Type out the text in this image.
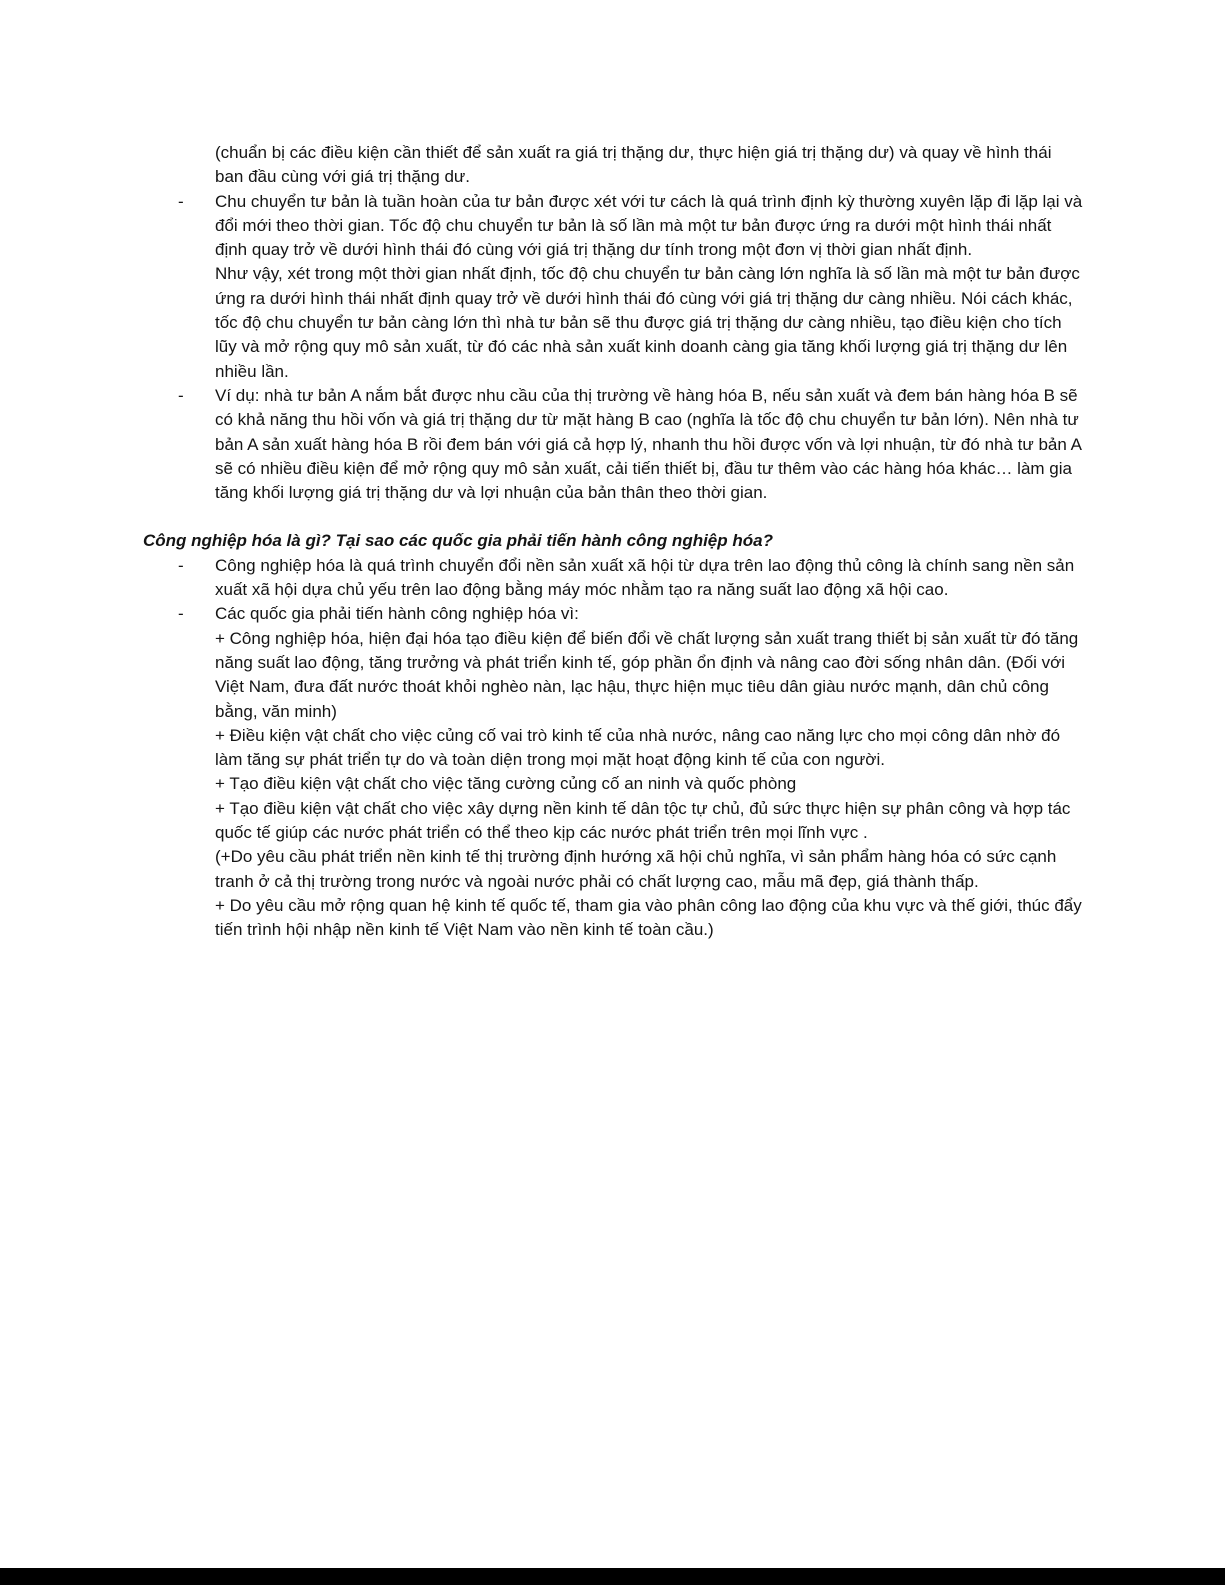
(chuẩn bị các điều kiện cần thiết để sản xuất ra giá trị thặng dư, thực hiện giá trị thặng dư) và quay về hình thái ban đầu cùng với giá trị thặng dư.

- Chu chuyển tư bản là tuần hoàn của tư bản được xét với tư cách là quá trình định kỳ thường xuyên lặp đi lặp lại và đổi mới theo thời gian. Tốc độ chu chuyển tư bản là số lần mà một tư bản được ứng ra dưới một hình thái nhất định quay trở về dưới hình thái đó cùng với giá trị thặng dư tính trong một đơn vị thời gian nhất định.

Như vậy, xét trong một thời gian nhất định, tốc độ chu chuyển tư bản càng lớn nghĩa là số lần mà một tư bản được ứng ra dưới hình thái nhất định quay trở về dưới hình thái đó cùng với giá trị thặng dư càng nhiều. Nói cách khác, tốc độ chu chuyển tư bản càng lớn thì nhà tư bản sẽ thu được giá trị thặng dư càng nhiều, tạo điều kiện cho tích lũy và mở rộng quy mô sản xuất, từ đó các nhà sản xuất kinh doanh càng gia tăng khối lượng giá trị thặng dư lên nhiều lần.

- Ví dụ: nhà tư bản A nắm bắt được nhu cầu của thị trường về hàng hóa B, nếu sản xuất và đem bán hàng hóa B sẽ có khả năng thu hồi vốn và giá trị thặng dư từ mặt hàng B cao (nghĩa là tốc độ chu chuyển tư bản lớn). Nên nhà tư bản A sản xuất hàng hóa B rồi đem bán với giá cả hợp lý, nhanh thu hồi được vốn và lợi nhuận, từ đó nhà tư bản A sẽ có nhiều điều kiện để mở rộng quy mô sản xuất, cải tiến thiết bị, đầu tư thêm vào các hàng hóa khác… làm gia tăng khối lượng giá trị thặng dư và lợi nhuận của bản thân theo thời gian.

Công nghiệp hóa là gì? Tại sao các quốc gia phải tiến hành công nghiệp hóa?

- Công nghiệp hóa là quá trình chuyển đổi nền sản xuất xã hội từ dựa trên lao động thủ công là chính sang nền sản xuất xã hội dựa chủ yếu trên lao động bằng máy móc nhằm tạo ra năng suất lao động xã hội cao.

- Các quốc gia phải tiến hành công nghiệp hóa vì:

+ Công nghiệp hóa, hiện đại hóa tạo điều kiện để biến đổi về chất lượng sản xuất trang thiết bị sản xuất từ đó tăng năng suất lao động, tăng trưởng và phát triển kinh tế, góp phần ổn định và nâng cao đời sống nhân dân. (Đối với Việt Nam, đưa đất nước thoát khỏi nghèo nàn, lạc hậu, thực hiện mục tiêu dân giàu nước mạnh, dân chủ công bằng, văn minh)

+ Điều kiện vật chất cho việc củng cố vai trò kinh tế của nhà nước, nâng cao năng lực cho mọi công dân nhờ đó làm tăng sự phát triển tự do và toàn diện trong mọi mặt hoạt động kinh tế của con người.

+ Tạo điều kiện vật chất cho việc tăng cường củng cố an ninh và quốc phòng

+ Tạo điều kiện vật chất cho việc xây dựng nền kinh tế dân tộc tự chủ, đủ sức thực hiện sự phân công và hợp tác quốc tế giúp các nước phát triển có thể theo kịp các nước phát triển trên mọi lĩnh vực .

(+Do yêu cầu phát triển nền kinh tế thị trường định hướng xã hội chủ nghĩa, vì sản phẩm hàng hóa có sức cạnh tranh ở cả thị trường trong nước và ngoài nước phải có chất lượng cao, mẫu mã đẹp, giá thành thấp.

+ Do yêu cầu mở rộng quan hệ kinh tế quốc tế, tham gia vào phân công lao động của khu vực và thế giới, thúc đẩy tiến trình hội nhập nền kinh tế Việt Nam vào nền kinh tế toàn cầu.)
